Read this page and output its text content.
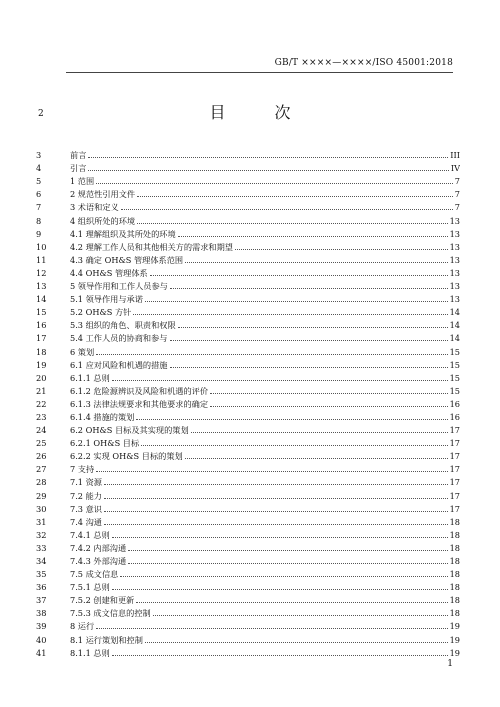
GB/T ××××—××××/ISO 45001:2018
2	目 次
3	前言	III
4	引言	IV
5	1 范围	7
6	2 规范性引用文件	7
7	3 术语和定义	7
8	4 组织所处的环境	13
9	4.1 理解组织及其所处的环境	13
10	4.2 理解工作人员和其他相关方的需求和期望	13
11	4.3 确定 OH&S 管理体系范围	13
12	4.4 OH&S 管理体系	13
13	5 领导作用和工作人员参与	13
14	5.1 领导作用与承诺	13
15	5.2 OH&S 方针	14
16	5.3 组织的角色、职责和权限	14
17	5.4 工作人员的协商和参与	14
18	6 策划	15
19	6.1 应对风险和机遇的措施	15
20	6.1.1 总则	15
21	6.1.2 危险源辨识及风险和机遇的评价	15
22	6.1.3 法律法规要求和其他要求的确定	16
23	6.1.4 措施的策划	16
24	6.2 OH&S 目标及其实现的策划	17
25	6.2.1 OH&S 目标	17
26	6.2.2 实现 OH&S 目标的策划	17
27	7 支持	17
28	7.1 资源	17
29	7.2 能力	17
30	7.3 意识	17
31	7.4 沟通	18
32	7.4.1 总则	18
33	7.4.2 内部沟通	18
34	7.4.3 外部沟通	18
35	7.5 成文信息	18
36	7.5.1 总则	18
37	7.5.2 创建和更新	18
38	7.5.3 成文信息的控制	18
39	8 运行	19
40	8.1 运行策划和控制	19
41	8.1.1 总则	19
1
